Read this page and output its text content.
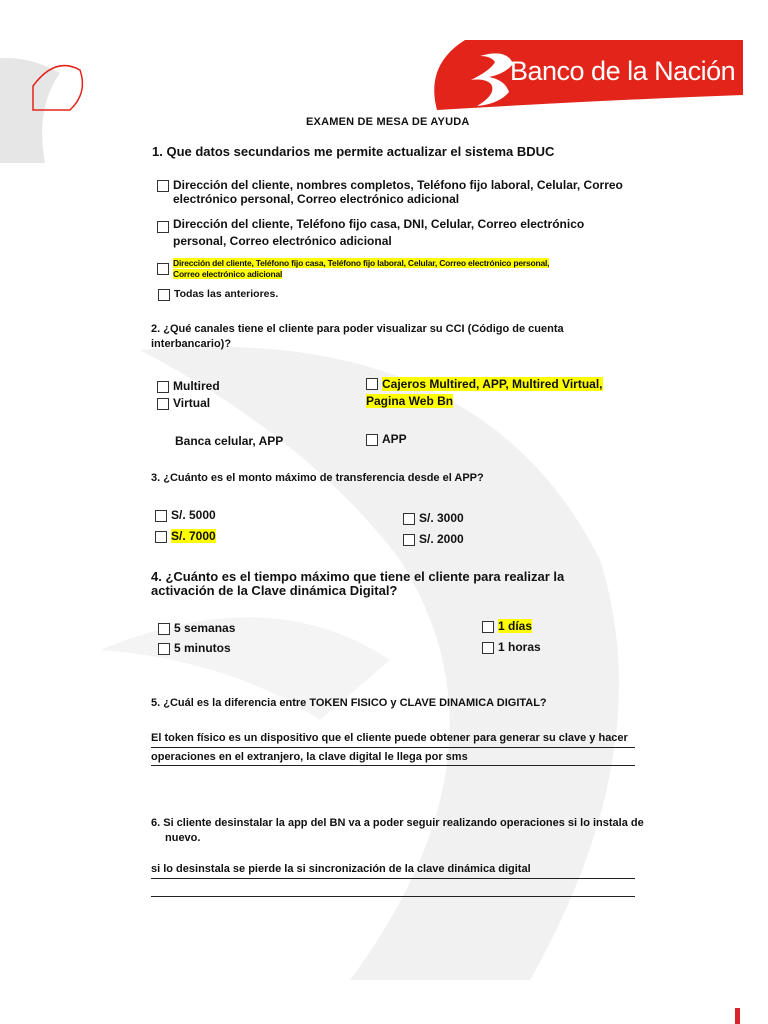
Banco de la Nación
EXAMEN DE MESA DE AYUDA
1. Que datos secundarios me permite actualizar el sistema BDUC
Dirección del cliente, nombres completos, Teléfono fijo laboral, Celular, Correo
electrónico personal, Correo electrónico adicional
Dirección del cliente, Teléfono fijo casa, DNI, Celular, Correo electrónico
personal, Correo electrónico adicional
Dirección del cliente, Teléfono fijo casa, Teléfono fijo laboral, Celular, Correo electrónico personal,
Correo electrónico adicional
Todas las anteriores.
2. ¿Qué canales tiene el cliente para poder visualizar su CCI (Código de cuenta
interbancario)?
Multired
Virtual
Banca celular, APP
Cajeros Multired, APP, Multired Virtual,
Pagina Web Bn
APP
3. ¿Cuánto es el monto máximo de transferencia desde el APP?
S/. 5000
S/. 7000
S/. 3000
S/. 2000
4. ¿Cuánto es el tiempo máximo que tiene el cliente para realizar la
activación de la Clave dinámica Digital?
5 semanas
5 minutos
1 días
1 horas
5. ¿Cuál es la diferencia entre TOKEN FISICO y CLAVE DINAMICA DIGITAL?
El token físico es un dispositivo que el cliente puede obtener para generar su clave y hacer
operaciones en el extranjero, la clave digital le llega por sms
6. Si cliente desinstalar la app del BN va a poder seguir realizando operaciones si lo instala de
nuevo.
si lo desinstala se pierde la si sincronización de la clave dinámica digital
